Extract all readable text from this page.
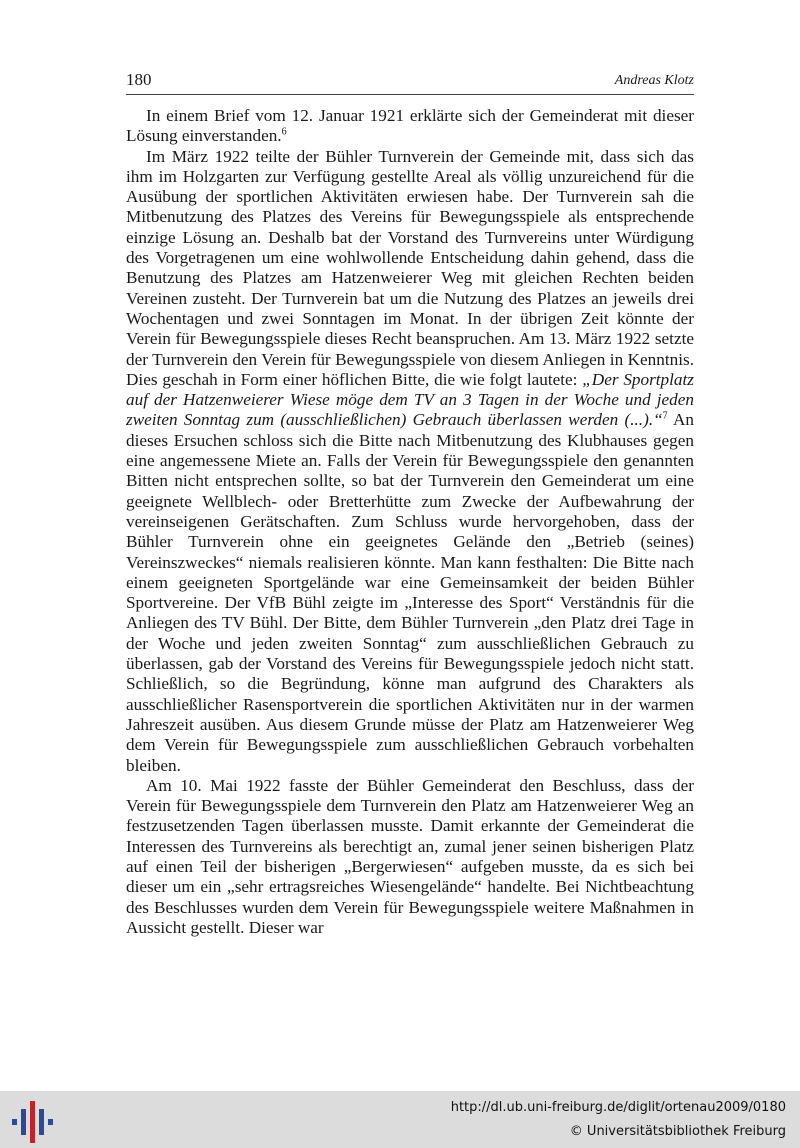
180	Andreas Klotz

In einem Brief vom 12. Januar 1921 erklärte sich der Gemeinderat mit dieser Lösung einverstanden.$^6$

Im März 1922 teilte der Bühler Turnverein der Gemeinde mit, dass sich das ihm im Holzgarten zur Verfügung gestellte Areal als völlig unzureichend für die Ausübung der sportlichen Aktivitäten erwiesen habe. Der Turnverein sah die Mitbenutzung des Platzes des Vereins für Bewegungsspiele als entsprechende einzige Lösung an. Deshalb bat der Vorstand des Turnvereins unter Würdigung des Vorgetragenen um eine wohlwollende Entscheidung dahin gehend, dass die Benutzung des Platzes am Hatzenweierer Weg mit gleichen Rechten beiden Vereinen zusteht. Der Turnverein bat um die Nutzung des Platzes an jeweils drei Wochentagen und zwei Sonntagen im Monat. In der übrigen Zeit könnte der Verein für Bewegungsspiele dieses Recht beanspruchen. Am 13. März 1922 setzte der Turnverein den Verein für Bewegungsspiele von diesem Anliegen in Kenntnis. Dies geschah in Form einer höflichen Bitte, die wie folgt lautete: „Der Sportplatz auf der Hatzenweierer Wiese möge dem TV an 3 Tagen in der Woche und jeden zweiten Sonntag zum (ausschließlichen) Gebrauch überlassen werden (...).“$^7$ An dieses Ersuchen schloss sich die Bitte nach Mitbenutzung des Klubhauses gegen eine angemessene Miete an. Falls der Verein für Bewegungsspiele den genannten Bitten nicht entsprechen sollte, so bat der Turnverein den Gemeinderat um eine geeignete Wellblech- oder Bretterhütte zum Zwecke der Aufbewahrung der vereinseigenen Gerätschaften. Zum Schluss wurde hervorgehoben, dass der Bühler Turnverein ohne ein geeignetes Gelände den „Betrieb (seines) Vereinszweckes“ niemals realisieren könnte. Man kann festhalten: Die Bitte nach einem geeigneten Sportgelände war eine Gemeinsamkeit der beiden Bühler Sportvereine. Der VfB Bühl zeigte im „Interesse des Sport“ Verständnis für die Anliegen des TV Bühl. Der Bitte, dem Bühler Turnverein „den Platz drei Tage in der Woche und jeden zweiten Sonntag“ zum ausschließlichen Gebrauch zu überlassen, gab der Vorstand des Vereins für Bewegungsspiele jedoch nicht statt. Schließlich, so die Begründung, könne man aufgrund des Charakters als ausschließlicher Rasensportverein die sportlichen Aktivitäten nur in der warmen Jahreszeit ausüben. Aus diesem Grunde müsse der Platz am Hatzenweierer Weg dem Verein für Bewegungsspiele zum ausschließlichen Gebrauch vorbehalten bleiben.

Am 10. Mai 1922 fasste der Bühler Gemeinderat den Beschluss, dass der Verein für Bewegungsspiele dem Turnverein den Platz am Hatzenweierer Weg an festzusetzenden Tagen überlassen musste. Damit erkannte der Gemeinderat die Interessen des Turnvereins als berechtigt an, zumal jener seinen bisherigen Platz auf einen Teil der bisherigen „Bergerwiesen“ aufgeben musste, da es sich bei dieser um ein „sehr ertragsreiches Wiesengelände“ handelte. Bei Nichtbeachtung des Beschlusses wurden dem Verein für Bewegungsspiele weitere Maßnahmen in Aussicht gestellt. Dieser war

http://dl.ub.uni-freiburg.de/diglit/ortenau2009/0180
© Universitätsbibliothek Freiburg
